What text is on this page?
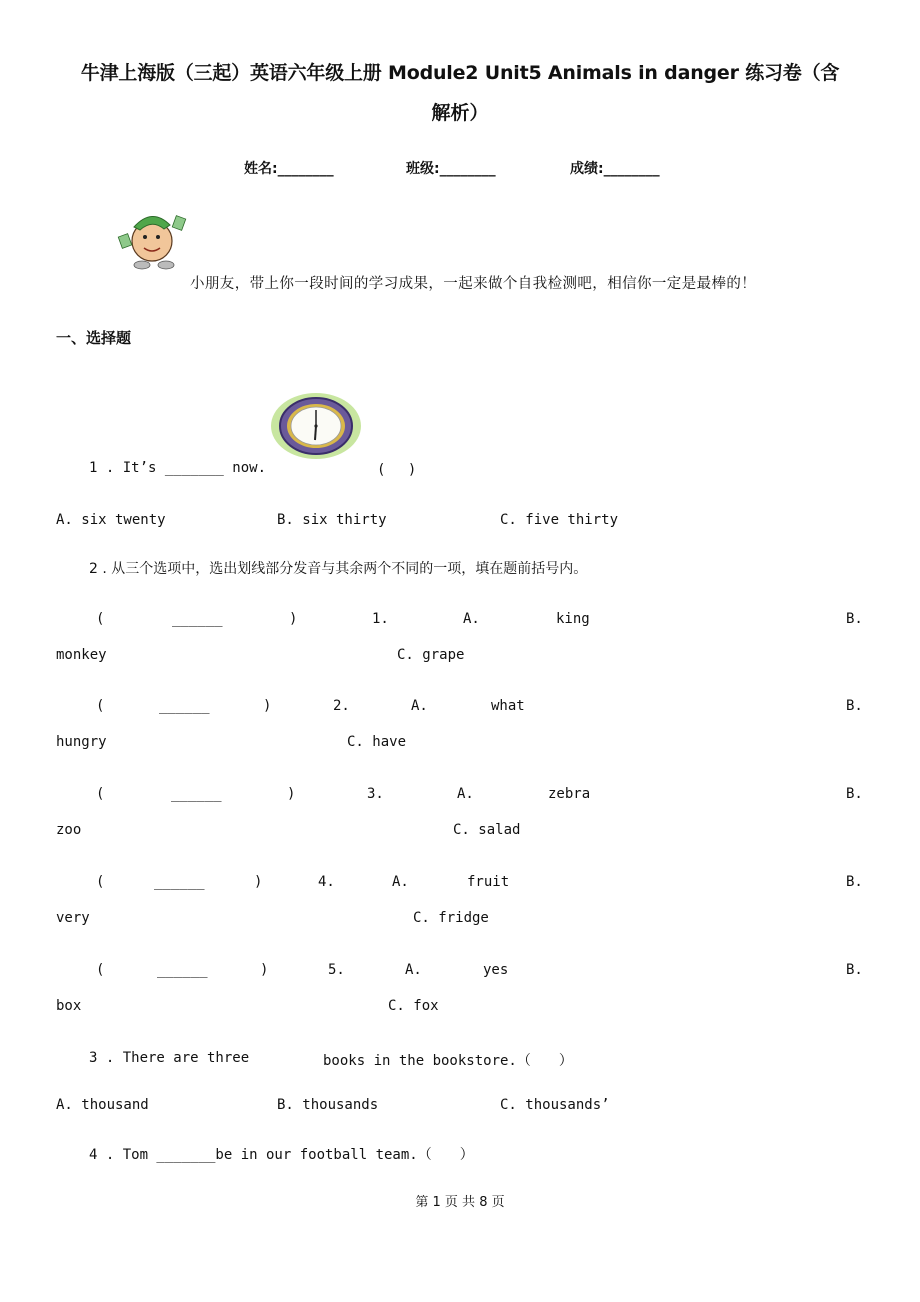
牛津上海版（三起）英语六年级上册 Module2 Unit5 Animals in danger 练习卷（含
解析）
姓名:________	班级:________	成绩:________
小朋友，带上你一段时间的学习成果，一起来做个自我检测吧，相信你一定是最棒的！
一、选择题
1 . It’s _______ now.	(　 )
A. six twenty	B. six thirty	C. five thirty
2 . 从三个选项中，选出划线部分发音与其余两个不同的一项，填在题前括号内。
(	______	)	1.	A.	king	B.
monkey	C. grape
(	______	)	2.	A.	what	B.
hungry	C. have
(	______	)	3.	A.	zebra	B.
zoo	C. salad
(	______	)	4.	A.	fruit	B.
very	C. fridge
(	______	)	5.	A.	yes	B.
box	C. fox
3 . There are three	books in the bookstore.（　　）
A. thousand	B. thousands	C. thousands’
4 . Tom _______be in our football team.（　　）
第 1 页 共 8 页
